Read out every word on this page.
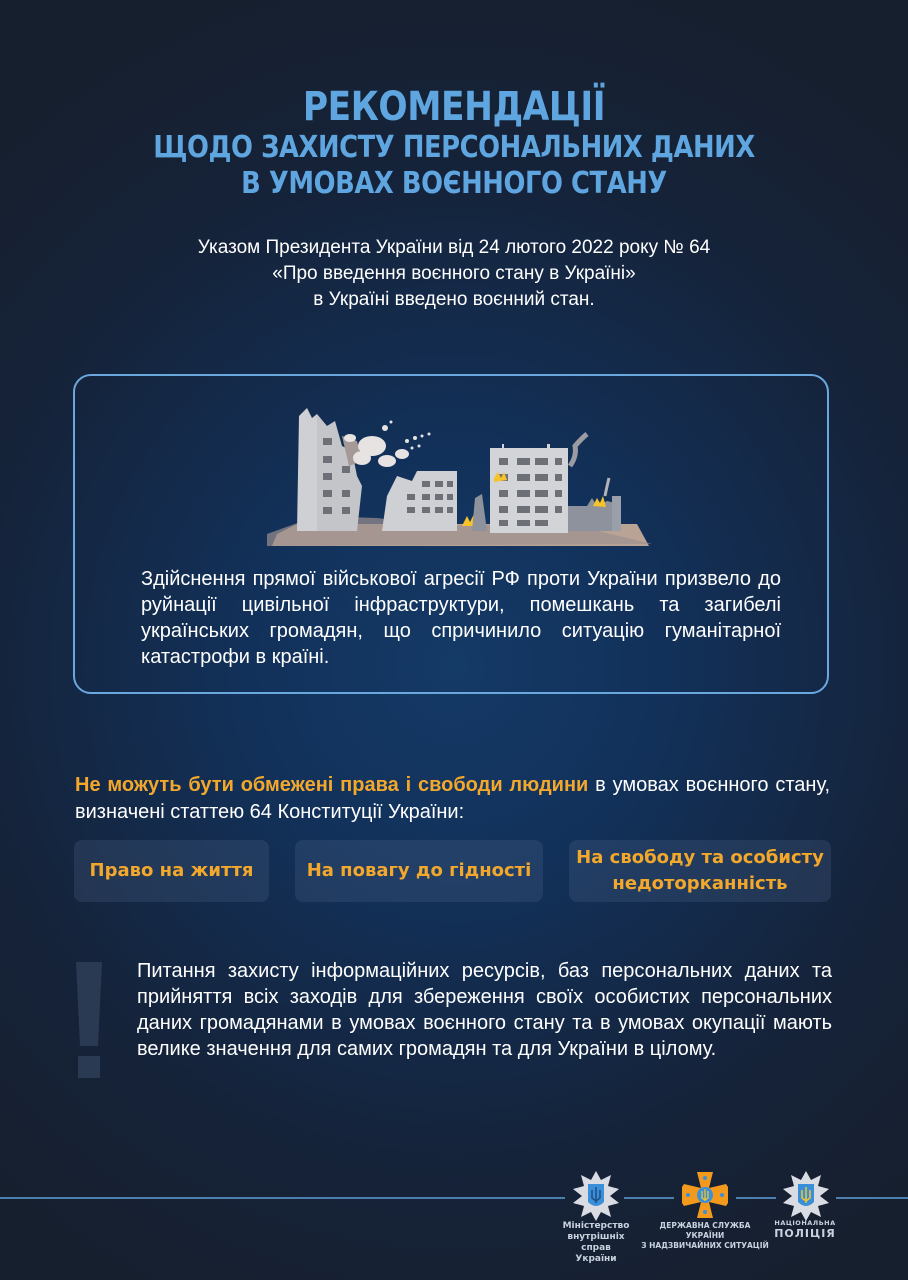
РЕКОМЕНДАЦІЇ
ЩОДО ЗАХИСТУ ПЕРСОНАЛЬНИХ ДАНИХ
В УМОВАХ ВОЄННОГО СТАНУ
Указом Президента України від 24 лютого 2022 року № 64
«Про введення воєнного стану в Україні»
в Україні введено воєнний стан.
Здійснення прямої військової агресії РФ проти України призвело до руйнації цивільної інфраструктури, помешкань та загибелі українських громадян, що спричинило ситуацію гуманітарної катастрофи в країні.
Не можуть бути обмежені права і свободи людини в умовах воєнного стану, визначені статтею 64 Конституції України:
Право на життя	На повагу до гідності
На свободу та особисту
недоторканність
Питання захисту інформаційних ресурсів, баз персональних даних та прийняття всіх заходів для збереження своїх особистих персональних даних громадянами в умовах воєнного стану та в умовах окупації мають велике значення для самих громадян та для України в цілому.
Міністерство
внутрішніх справ
України
ДЕРЖАВНА СЛУЖБА УКРАЇНИ
З НАДЗВИЧАЙНИХ СИТУАЦІЙ
НАЦІОНАЛЬНА
ПОЛІЦІЯ
